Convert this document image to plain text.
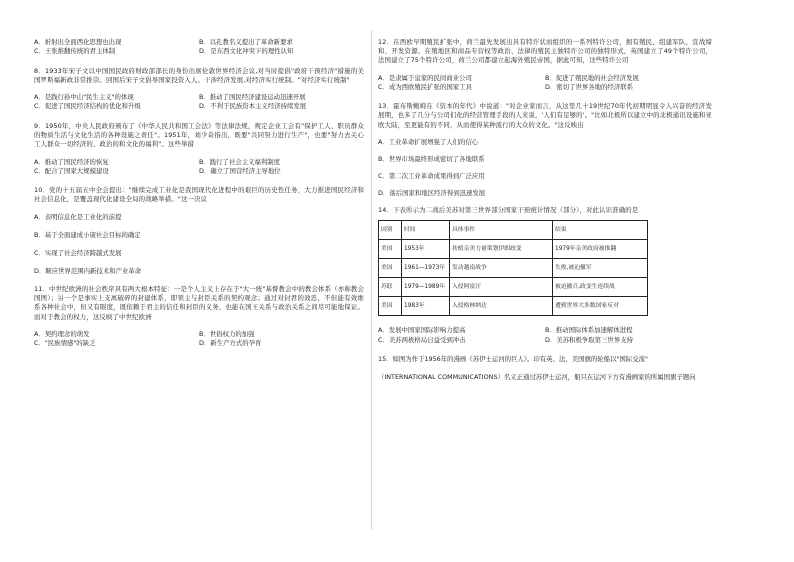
A．折射出全面西化思想也出现	B．以孔教名义提出了革命新要求
C．王张推翻传统的君主体制	D．是东西文化冲突下的理性认知
8．1933年宋子文以中国国民政府财政部部长的身份出席伦敦世界经济会议,对当时提倡"政府干预经济"措施的美国罗斯福新政非常推崇。回国后宋子文倡导国家投资入人、干涉经济发展,对经济实行统制。"对经济实行统制"
A．是践行孙中山"民生主义"的体现	B．推动了国民经济建设运动迅速开展
C．促进了国民经济结构的优化和升级	D．不利于民族资本主义经济持续发展
9．1950年，中央人民政府颁布了《中华人民共和国工会法》等法律法规，规定企业工会有"保护工人、职员群众的物质生活与文化生活的各种设施之责任"。1951年，刘少奇指出，既要"共同努力进行生产"，也要"努力去关心工人群众一切经济的、政治的和文化的福利"。这些举措
A．推动了国民经济的恢复	B．践行了社会主义福利制度
C．配合了国家大规模建设	D．确立了国营经济主导地位
10．党的十五届五中全会提出："继续完成工业化是我国现代化进程中的艰巨的历史性任务，大力推进国民经济和社会信息化，是覆盖现代化建设全局的战略举措。"这一决议
A．表明信息化是工业化的前提
B．基于全面建成小康社会目标的确定
C．实现了社会经济跨越式发展
D．顺应世界范围内新技术和产业革命
11．中世纪欧洲的社会秩序具有两大根本特征：一是个人主义上存在于"大一统"基督教会中的教会体系（亦称教会国图）；另一个是事实上支离破碎的封建体系，即领主与封臣关系的契约观念；通过对封君的效忠，不但能有效维系各种社会中，但又有限度，既依赖于君主的信任和封臣的义务，也能在国王关系与政治关系之间尽可能地保证。而对于教会的权力，这反映了中世纪欧洲
A．契约理念的萌发	B．世俗权力的加强
C．"民族情感"的缺乏	D．新生产方式的孕育
12．在西欧早期殖民扩张中，荷兰最先发展出具有特许状而组织的一系列特许公司，拥有殖民、组建军队、宣战缔和、开发资源、在殖地区和商品专营权等政治、法律的殖民主独特许公司的独特形式，英国建立了49个特许公司，法国建立了75个特许公司，荷兰公司都建立起海外殖民帝国，据此可知，这些特许公司
A．是隶属于皇家的民间商业公司	B．促进了殖民地的社会经济发展
C．成为西欧殖民扩张的国家工具	D．密切了世界各地的经济联系
13．霍布斯鲍姆在《资本的年代》中说道："对企业家而言，从这里几十19世纪70年代初期明显令人兴奋的经济发展期，也多了几分与公司们化的经营管理手段的人来说，'人们有足够的'。"比如北极所以建立中的北极通讯设施和亚欧大陆，至更能有的不同，从而使得某种流行的大众的文化。"这反映出
A．工业革命扩展增强了人们的信心
B．世界市场最终形成密切了各地联系
C．第二次工业革命成果得到广泛应用
D．落后国家和地区经济得到迅速发展
14．下表所示为二战后美苏对第三世界部分国家干预统计情况（部分），对此认识准确的是
国别	时间	具体事件	结果
美国	1953年	扶植亲美力量策划伊朗政变	1979年亲美政府被推翻
美国	1961—1973年	发动越南战争	失败,被迫撤军
苏联	1979—1989年	入侵阿富汗	被迫撤兵,政变生连续战
美国	1983年	入侵格林纳达	遭到世界大多数国家反对
A．发展中国家国际影响力提高	B．推动国际体系加速解体进程
C．美苏两极格局日益受到冲击	D．美苏积极争取第三世界支持
15．如图为作于1956年的漫画《苏伊士运河的巨人》。印有英、法、美国旗的轮船以"国际交流"
（INTERNATIONAL COMMUNICATIONS）名义正通过苏伊士运河，船只在运河下方有漫画家的所属国旗子题向
